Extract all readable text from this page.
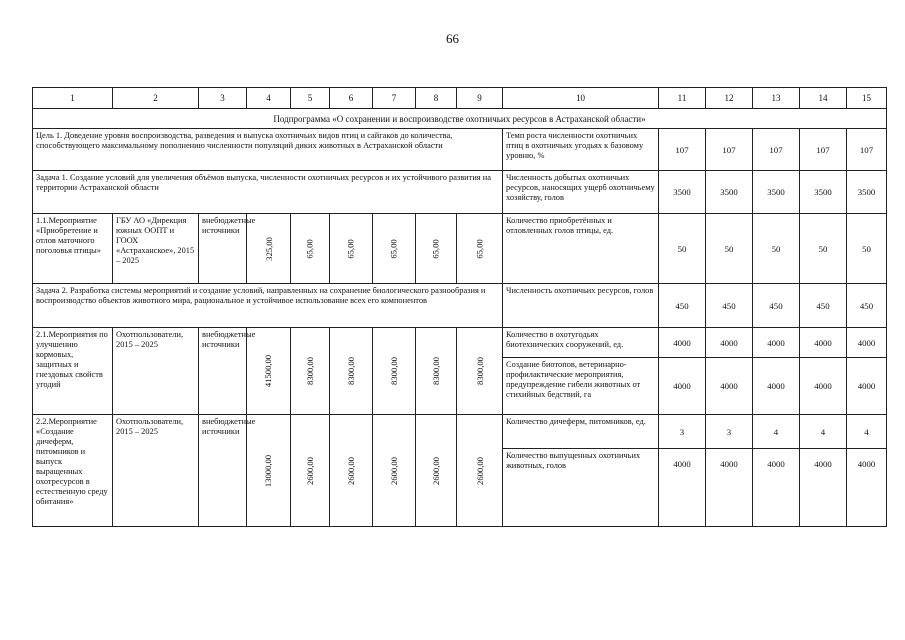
66
1	2	3	4	5	6	7	8	9	10	11	12	13	14	15
Подпрограмма «О сохранении и воспроизводстве охотничьих ресурсов в Астраханской области»														
Цель 1. Доведение уровня воспроизводства, разведения и выпуска охотничьих видов птиц и сайгаков до количества, способствующего максимальному пополнению численности популяций диких животных в Астраханской области									Темп роста численности охотничьих птиц в охотничьих угодьях к базовому уровню, %	107	107	107	107	107
Задача 1. Создание условий для увеличения объёмов выпуска, численности охотничьих ресурсов и их устойчивого развития на территории Астраханской области									Численность добытых охотничьих ресурсов, наносящих ущерб охотничьему хозяйству, голов	3500	3500	3500	3500	3500
1.1.Мероприятие «Приобретение и отлов маточного поголовья птицы»	ГБУ АО «Дирекция южных ООПТ и ГООХ «Астраханское», 2015 – 2025	внебюджетные источники	325,00	65,00	65,00	65,00	65,00	65,00	Количество приобретённых и отловленных голов птицы, ед.	50	50	50	50	50
Задача 2. Разработка системы мероприятий и создание условий, направленных на сохранение биологического разнообразия и воспроизводство объектов животного мира, рациональное и устойчивое использование всех его компонентов									Численность охотничьих ресурсов, голов	450	450	450	450	450
2.1.Мероприятия по улучшению кормовых, защитных и гнездовых свойств угодий	Охотпользователи, 2015 – 2025	внебюджетные источники	41500,00	8300,00	8300,00	8300,00	8300,00	8300,00	Количество в охотугодьях биотехнических сооружений, ед.	4000	4000	4000	4000	4000
									Создание биотопов, ветеринарно-профилактические мероприятия, предупреждение гибели животных от стихийных бедствий, га	4000	4000	4000	4000	4000
2.2.Мероприятие «Создание дичеферм, питомников и выпуск выращенных охотресурсов в естественную среду обитания»	Охотпользователи, 2015 – 2025	внебюджетные источники	13000,00	2600,00	2600,00	2600,00	2600,00	2600,00	Количество дичеферм, питомников, ед.	3	3	4	4	4
									Количество выпущенных охотничьих животных, голов	4000	4000	4000	4000	4000
